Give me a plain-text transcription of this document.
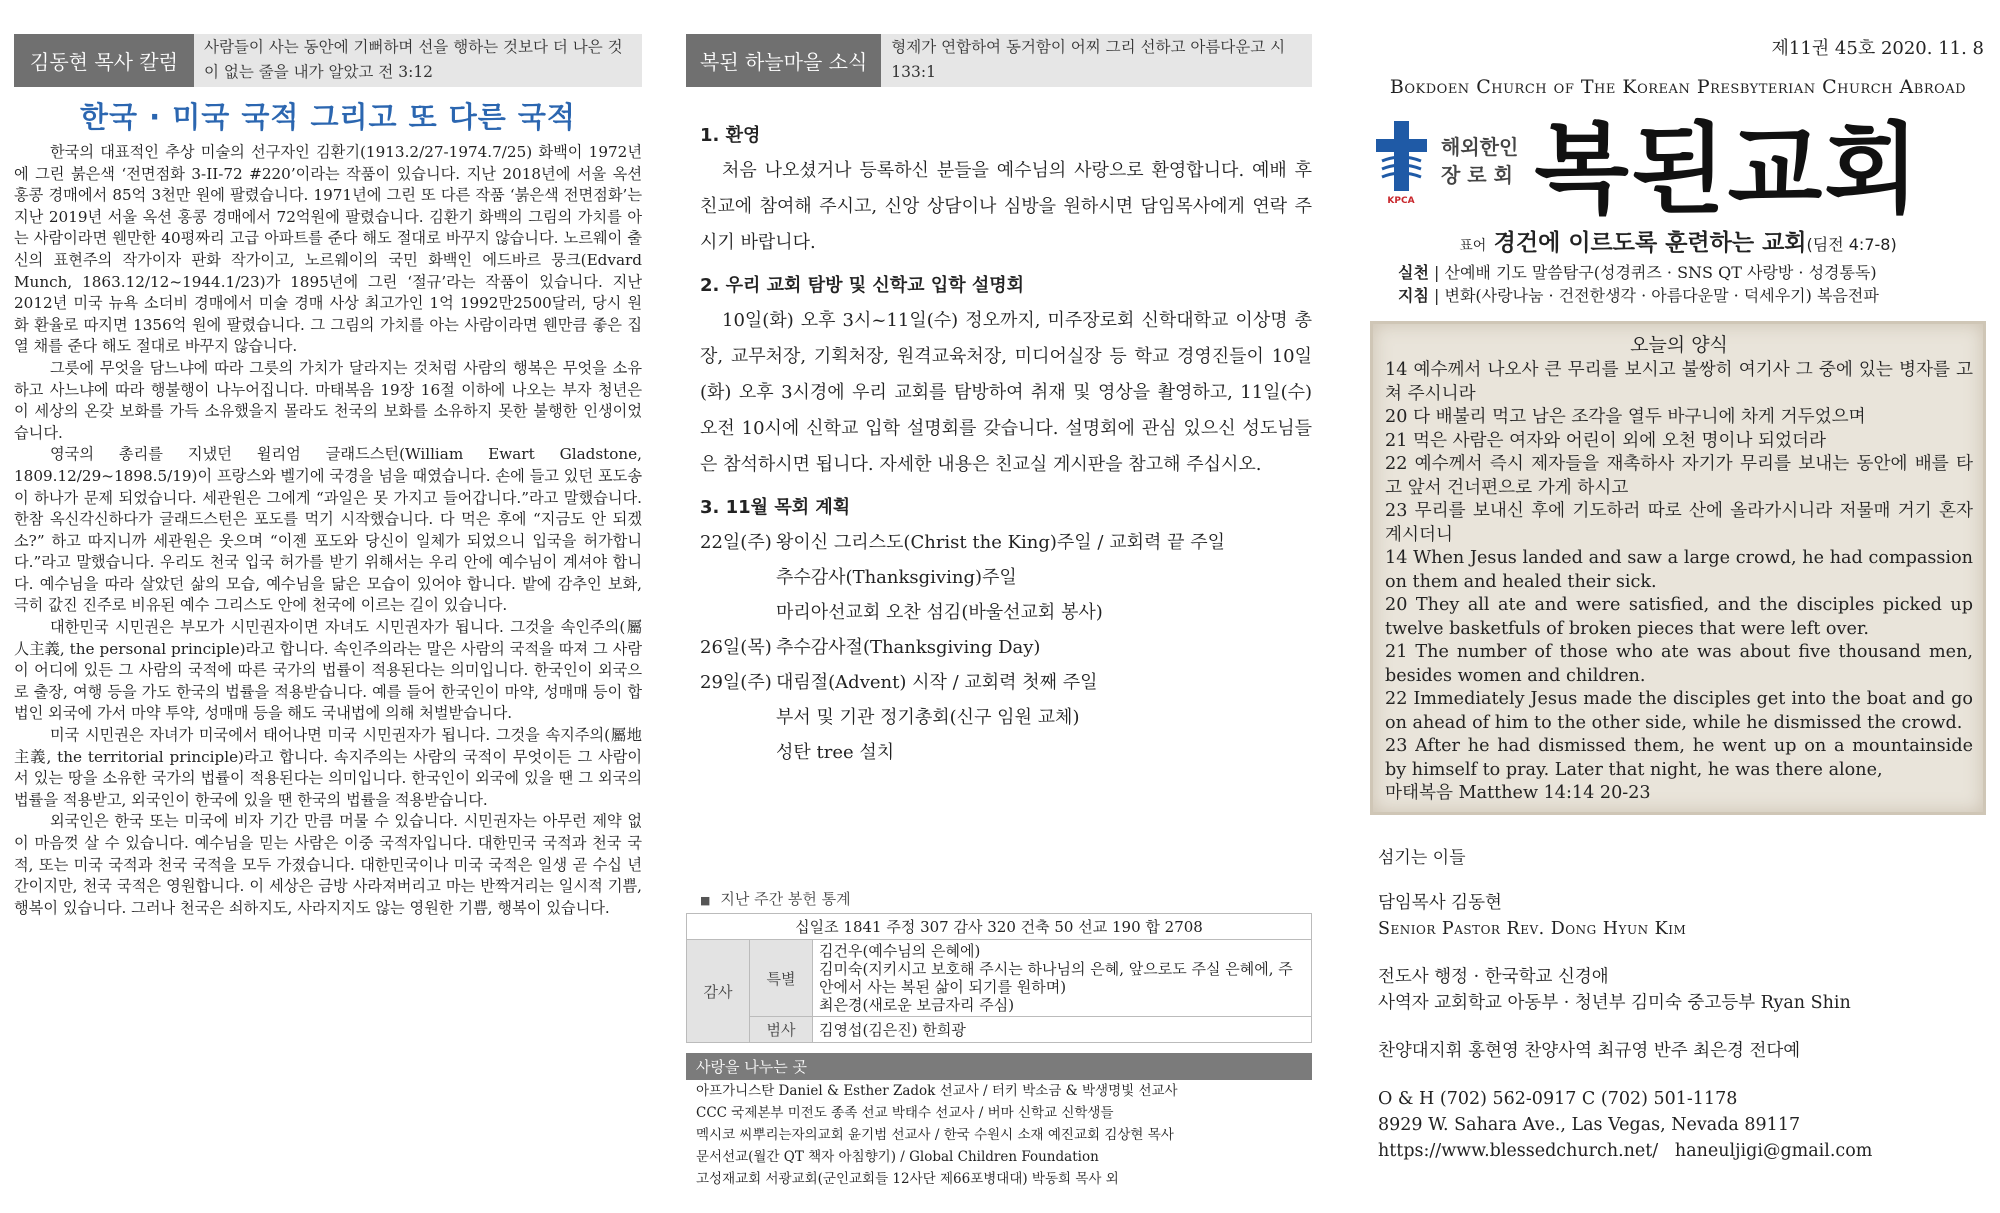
김동현 목사 칼럼
사람들이 사는 동안에 기뻐하며 선을 행하는 것보다 더 나은 것이 없는 줄을 내가 알았고 전 3:12
한국 · 미국 국적 그리고 또 다른 국적

한국의 대표적인 추상 미술의 선구자인 김환기(1913.2/27-1974.7/25) 화백이 1972년에 그린 붉은색 ‘전면점화 3-II-72 #220’이라는 작품이 있습니다. 지난 2018년에 서울 옥션 홍콩 경매에서 85억 3천만 원에 팔렸습니다. 1971년에 그린 또 다른 작품 ‘붉은색 전면점화’는 지난 2019년 서울 옥션 홍콩 경매에서 72억원에 팔렸습니다. 김환기 화백의 그림의 가치를 아는 사람이라면 웬만한 40평짜리 고급 아파트를 준다 해도 절대로 바꾸지 않습니다. 노르웨이 출신의 표현주의 작가이자 판화 작가이고, 노르웨이의 국민 화백인 에드바르 뭉크(Edvard Munch, 1863.12/12~1944.1/23)가 1895년에 그린 ‘절규’라는 작품이 있습니다. 지난 2012년 미국 뉴욕 소더비 경매에서 미술 경매 사상 최고가인 1억 1992만2500달러, 당시 원화 환율로 따지면 1356억 원에 팔렸습니다. 그 그림의 가치를 아는 사람이라면 웬만큼 좋은 집 열 채를 준다 해도 절대로 바꾸지 않습니다.

그릇에 무엇을 담느냐에 따라 그릇의 가치가 달라지는 것처럼 사람의 행복은 무엇을 소유하고 사느냐에 따라 행불행이 나누어집니다. 마태복음 19장 16절 이하에 나오는 부자 청년은 이 세상의 온갖 보화를 가득 소유했을지 몰라도 천국의 보화를 소유하지 못한 불행한 인생이었습니다.

영국의 총리를 지냈던 윌리엄 글래드스턴(William Ewart Gladstone, 1809.12/29~1898.5/19)이 프랑스와 벨기에 국경을 넘을 때였습니다. 손에 들고 있던 포도송이 하나가 문제 되었습니다. 세관원은 그에게 “과일은 못 가지고 들어갑니다.”라고 말했습니다. 한참 옥신각신하다가 글래드스턴은 포도를 먹기 시작했습니다. 다 먹은 후에 “지금도 안 되겠소?” 하고 따지니까 세관원은 웃으며 “이젠 포도와 당신이 일체가 되었으니 입국을 허가합니다.”라고 말했습니다. 우리도 천국 입국 허가를 받기 위해서는 우리 안에 예수님이 계셔야 합니다. 예수님을 따라 살았던 삶의 모습, 예수님을 닮은 모습이 있어야 합니다. 밭에 감추인 보화, 극히 값진 진주로 비유된 예수 그리스도 안에 천국에 이르는 길이 있습니다.

대한민국 시민권은 부모가 시민권자이면 자녀도 시민권자가 됩니다. 그것을 속인주의(屬人主義, the personal principle)라고 합니다. 속인주의라는 말은 사람의 국적을 따져 그 사람이 어디에 있든 그 사람의 국적에 따른 국가의 법률이 적용된다는 의미입니다. 한국인이 외국으로 출장, 여행 등을 가도 한국의 법률을 적용받습니다. 예를 들어 한국인이 마약, 성매매 등이 합법인 외국에 가서 마약 투약, 성매매 등을 해도 국내법에 의해 처벌받습니다.

미국 시민권은 자녀가 미국에서 태어나면 미국 시민권자가 됩니다. 그것을 속지주의(屬地主義, the territorial principle)라고 합니다. 속지주의는 사람의 국적이 무엇이든 그 사람이 서 있는 땅을 소유한 국가의 법률이 적용된다는 의미입니다. 한국인이 외국에 있을 땐 그 외국의 법률을 적용받고, 외국인이 한국에 있을 땐 한국의 법률을 적용받습니다.

외국인은 한국 또는 미국에 비자 기간 만큼 머물 수 있습니다. 시민권자는 아무런 제약 없이 마음껏 살 수 있습니다. 예수님을 믿는 사람은 이중 국적자입니다. 대한민국 국적과 천국 국적, 또는 미국 국적과 천국 국적을 모두 가졌습니다. 대한민국이나 미국 국적은 일생 곧 수십 년간이지만, 천국 국적은 영원합니다. 이 세상은 금방 사라져버리고 마는 반짝거리는 일시적 기쁨, 행복이 있습니다. 그러나 천국은 쇠하지도, 사라지지도 않는 영원한 기쁨, 행복이 있습니다.

복된 하늘마을 소식
형제가 연합하여 동거함이 어찌 그리 선하고 아름다운고 시 133:1
1. 환영

처음 나오셨거나 등록하신 분들을 예수님의 사랑으로 환영합니다. 예배 후 친교에 참여해 주시고, 신앙 상담이나 심방을 원하시면 담임목사에게 연락 주시기 바랍니다.

2. 우리 교회 탐방 및 신학교 입학 설명회

10일(화) 오후 3시~11일(수) 정오까지, 미주장로회 신학대학교 이상명 총장, 교무처장, 기획처장, 원격교육처장, 미디어실장 등 학교 경영진들이 10일(화) 오후 3시경에 우리 교회를 탐방하여 취재 및 영상을 촬영하고, 11일(수) 오전 10시에 신학교 입학 설명회를 갖습니다. 설명회에 관심 있으신 성도님들은 참석하시면 됩니다. 자세한 내용은 친교실 게시판을 참고해 주십시오.

3. 11월 목회 계획
22일(주) 왕이신 그리스도(Christ the King)주일 / 교회력 끝 주일
추수감사(Thanksgiving)주일
마리아선교회 오찬 섬김(바울선교회 봉사)
26일(목) 추수감사절(Thanksgiving Day)
29일(주) 대림절(Advent) 시작 / 교회력 첫째 주일
부서 및 기관 정기총회(신구 임원 교체)
성탄 tree 설치
■ 지난 주간 봉헌 통계
십일조 1841 주정 307 감사 320 건축 50 선교 190 합 2708		
감사	특별	김건우(예수님의 은혜에)
김미숙(지키시고 보호해 주시는 하나님의 은혜, 앞으로도 주실 은혜에, 주 안에서 사는 복된 삶이 되기를 원하며)
최은경(새로운 보금자리 주심)

	범사	김영섭(김은진) 한희광
사랑을 나누는 곳

아프가니스탄 Daniel & Esther Zadok 선교사 / 터키 박소금 & 박생명빛 선교사

CCC 국제본부 미전도 종족 선교 박태수 선교사 / 버마 신학교 신학생들

멕시코 씨뿌리는자의교회 윤기범 선교사 / 한국 수원시 소재 예진교회 김상현 목사

문서선교(월간 QT 책자 아침향기) / Global Children Foundation

고성재교회 서광교회(군인교회들 12사단 제66포병대대) 박동희 목사 외

제11권 45호 2020. 11. 8
Bokdoen Church of The Korean Presbyterian Church Abroad
KPCA
해외한인
장 로 회 복된교회
표어 경건에 이르도록 훈련하는 교회(딤전 4:7-8)
실천 | 산예배 기도 말씀탐구(성경퀴즈 · SNS QT 사랑방 · 성경통독)
지침 | 변화(사랑나눔 · 건전한생각 · 아름다운말 · 덕세우기) 복음전파
오늘의 양식

14 예수께서 나오사 큰 무리를 보시고 불쌍히 여기사 그 중에 있는 병자를 고쳐 주시니라

20 다 배불리 먹고 남은 조각을 열두 바구니에 차게 거두었으며

21 먹은 사람은 여자와 어린이 외에 오천 명이나 되었더라

22 예수께서 즉시 제자들을 재촉하사 자기가 무리를 보내는 동안에 배를 타고 앞서 건너편으로 가게 하시고

23 무리를 보내신 후에 기도하러 따로 산에 올라가시니라 저물매 거기 혼자 계시더니

14 When Jesus landed and saw a large crowd, he had compassion on them and healed their sick.

20 They all ate and were satisfied, and the disciples picked up twelve basketfuls of broken pieces that were left over.

21 The number of those who ate was about five thousand men, besides women and children.

22 Immediately Jesus made the disciples get into the boat and go on ahead of him to the other side, while he dismissed the crowd.

23 After he had dismissed them, he went up on a mountainside by himself to pray. Later that night, he was there alone,

마태복음 Matthew 14:14 20-23

섬기는 이들
담임목사 김동현
Senior Pastor Rev. Dong Hyun Kim
전도사 행정 · 한국학교 신경애
사역자 교회학교 아동부 · 청년부 김미숙 중고등부 Ryan Shin
찬양대지휘 홍현영 찬양사역 최규영 반주 최은경 전다예
O & H (702) 562-0917 C (702) 501-1178
8929 W. Sahara Ave., Las Vegas, Nevada 89117
https://www.blessedchurch.net/ haneuljigi@gmail.com
